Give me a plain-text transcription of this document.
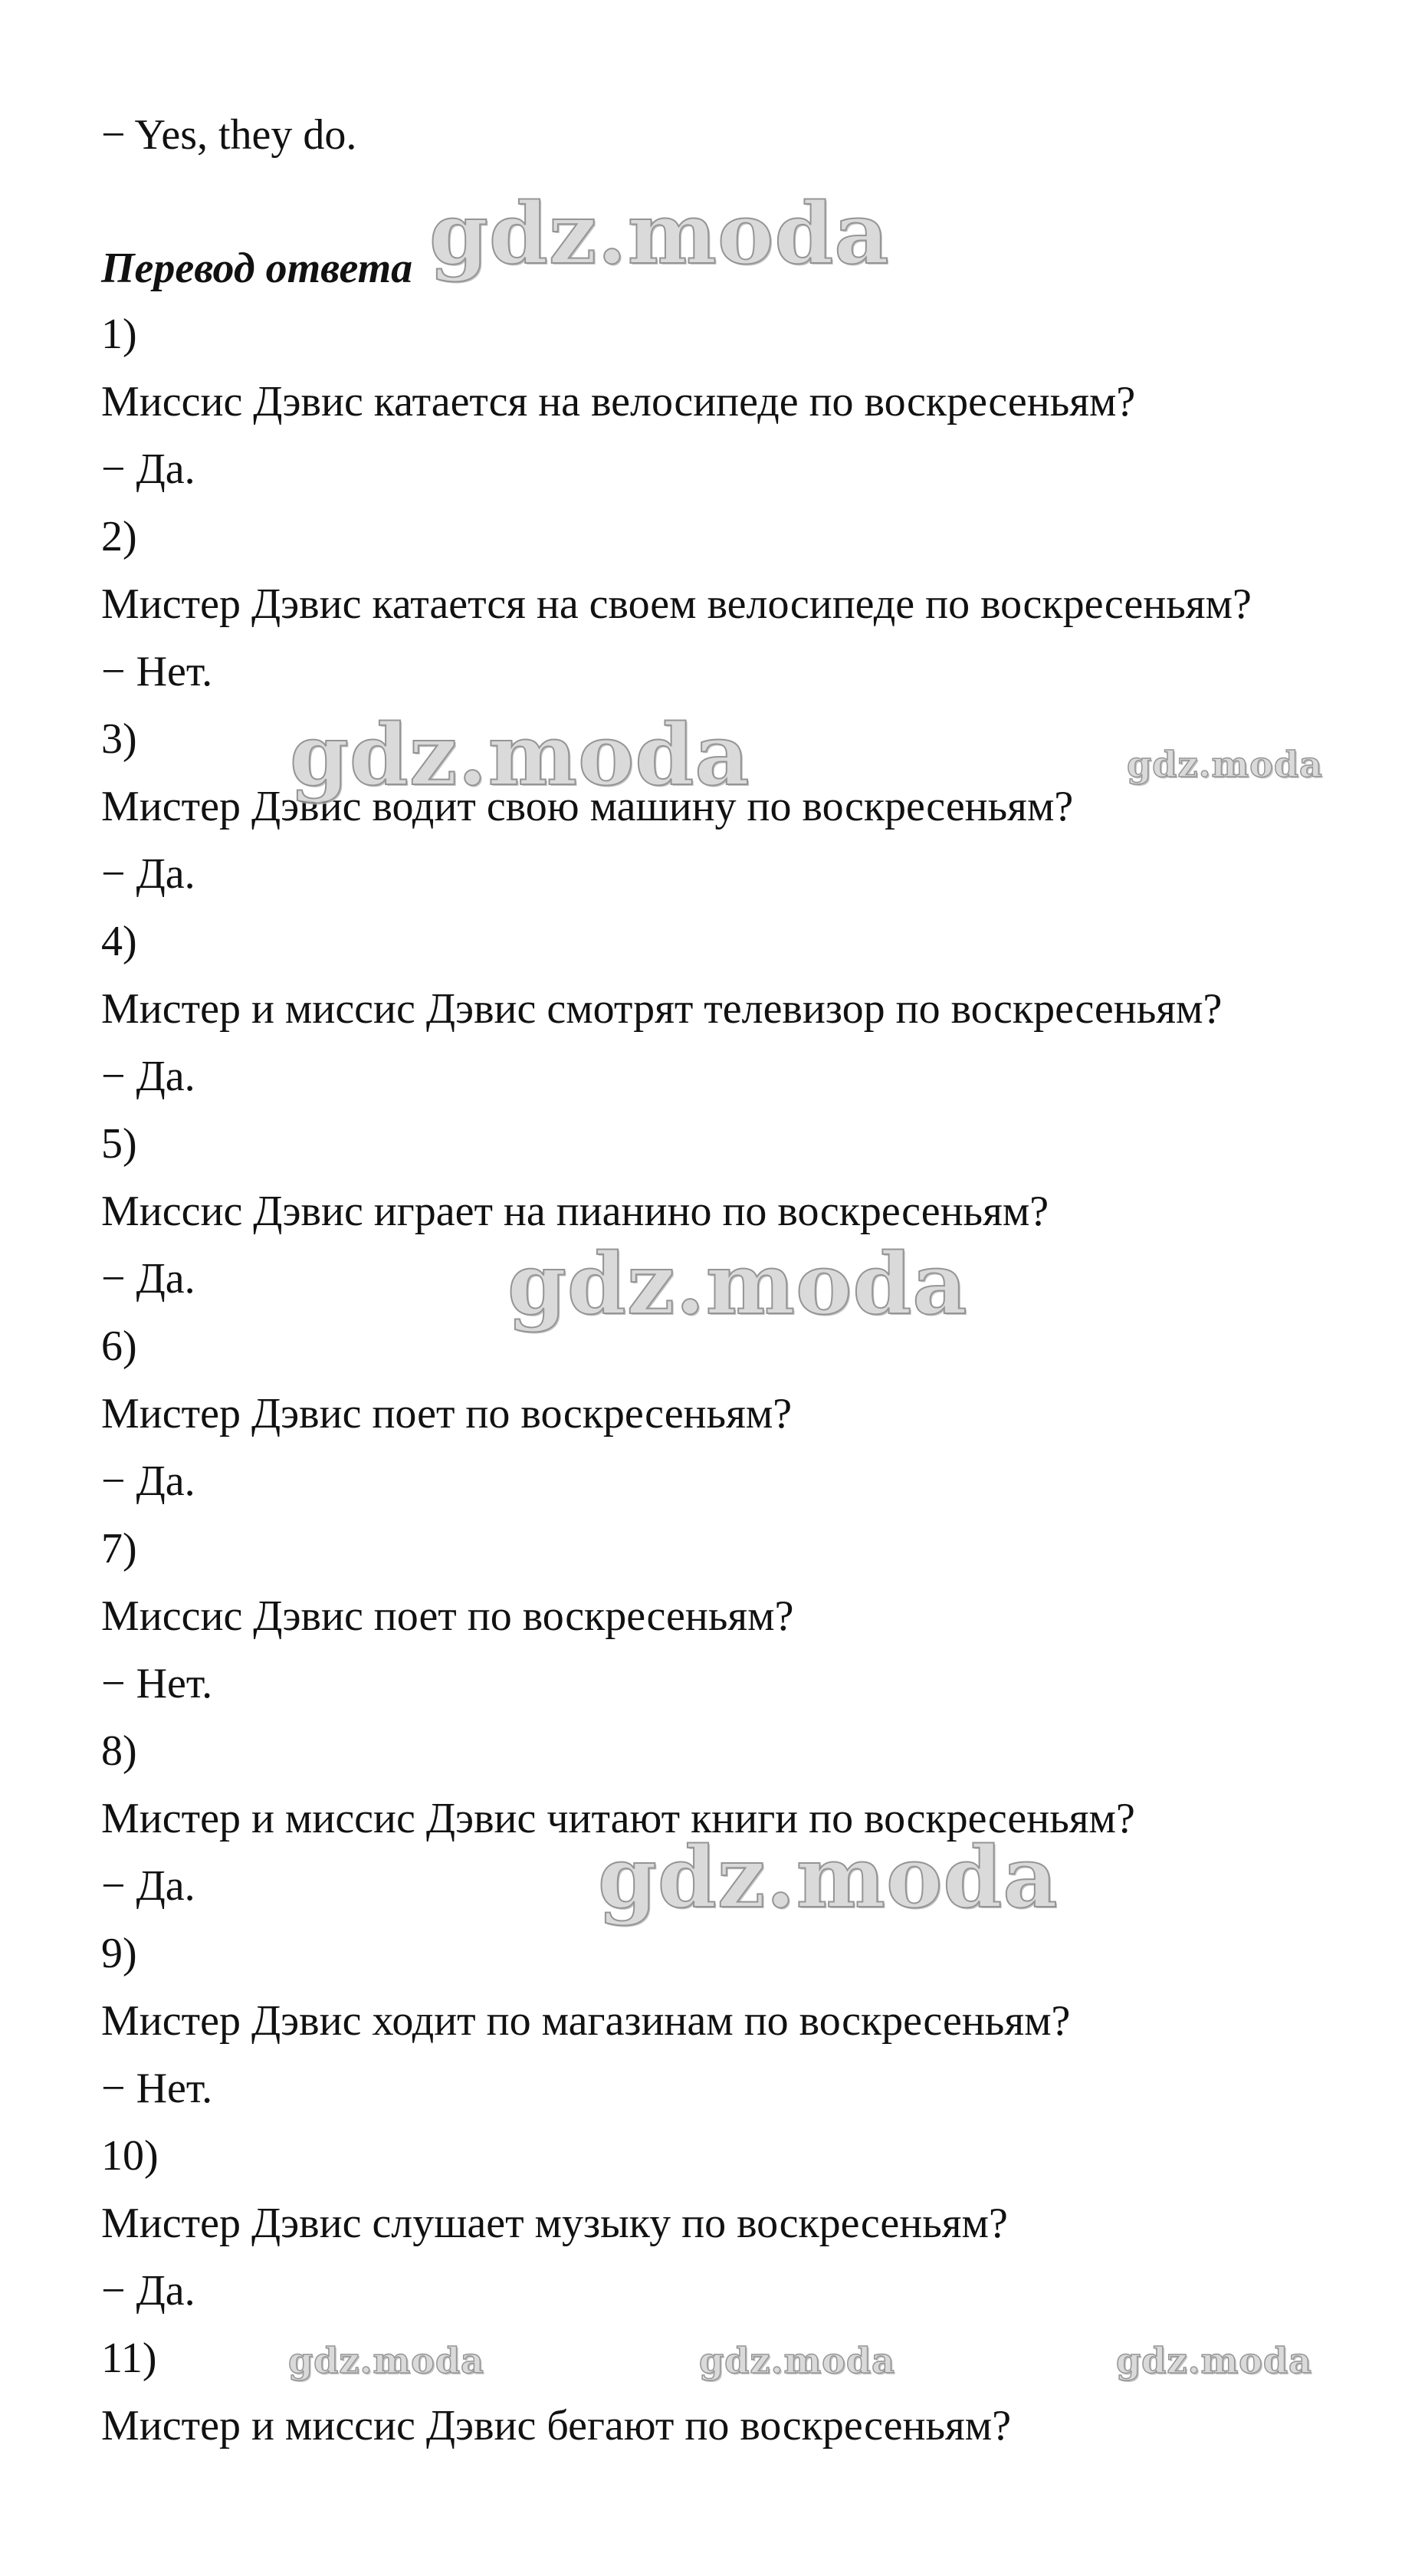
− Yes, they do.
Перевод ответа
1)
Миссис Дэвис катается на велосипеде по воскресеньям?
− Да.
2)
Мистер Дэвис катается на своем велосипеде по воскресеньям?
− Нет.
3)
Мистер Дэвис водит свою машину по воскресеньям?
− Да.
4)
Мистер и миссис Дэвис смотрят телевизор по воскресеньям?
− Да.
5)
Миссис Дэвис играет на пианино по воскресеньям?
− Да.
6)
Мистер Дэвис поет по воскресеньям?
− Да.
7)
Миссис Дэвис поет по воскресеньям?
− Нет.
8)
Мистер и миссис Дэвис читают книги по воскресеньям?
− Да.
9)
Мистер Дэвис ходит по магазинам по воскресеньям?
− Нет.
10)
Мистер Дэвис слушает музыку по воскресеньям?
− Да.
11)
Мистер и миссис Дэвис бегают по воскресеньям?
gdz.moda
gdz.moda	gdz.moda
gdz.moda
gdz.moda
gdz.moda	gdz.moda	gdz.moda
